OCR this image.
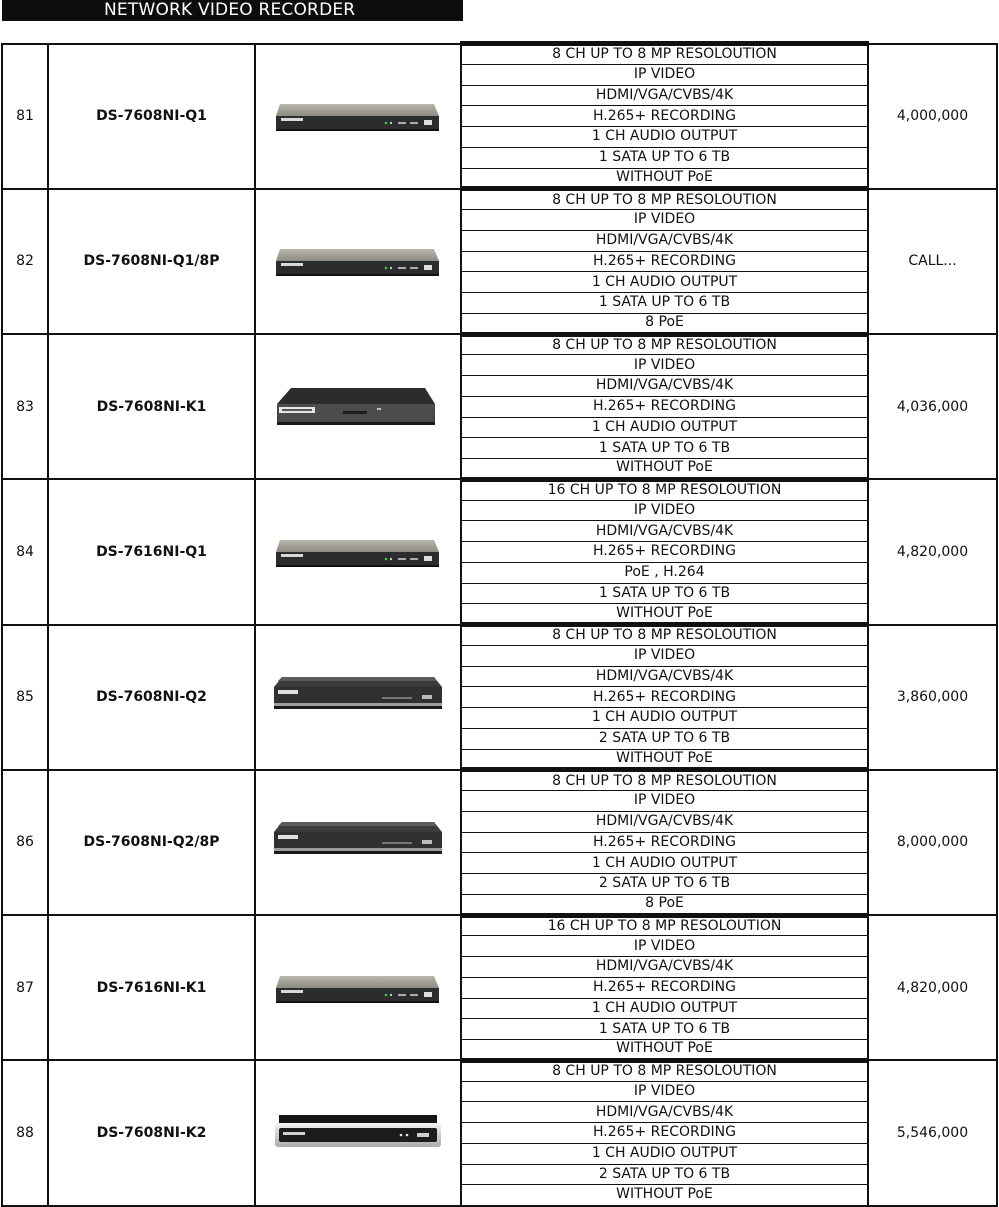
NETWORK VIDEO RECORDER
81	DS-7608NI-Q1		8 CH UP TO 8 MP RESOLOUTION	4,000,000
			IP VIDEO	
			HDMI/VGA/CVBS/4K	
			H.265+ RECORDING	
			1 CH AUDIO OUTPUT	
			1 SATA UP TO 6 TB	
			WITHOUT PoE	
82	DS-7608NI-Q1/8P		8 CH UP TO 8 MP RESOLOUTION	CALL...
			IP VIDEO	
			HDMI/VGA/CVBS/4K	
			H.265+ RECORDING	
			1 CH AUDIO OUTPUT	
			1 SATA UP TO 6 TB	
			8 PoE	
83	DS-7608NI-K1		8 CH UP TO 8 MP RESOLOUTION	4,036,000
			IP VIDEO	
			HDMI/VGA/CVBS/4K	
			H.265+ RECORDING	
			1 CH AUDIO OUTPUT	
			1 SATA UP TO 6 TB	
			WITHOUT PoE	
84	DS-7616NI-Q1		16 CH UP TO 8 MP RESOLOUTION	4,820,000
			IP VIDEO	
			HDMI/VGA/CVBS/4K	
			H.265+ RECORDING	
			PoE , H.264	
			1 SATA UP TO 6 TB	
			WITHOUT PoE	
85	DS-7608NI-Q2		8 CH UP TO 8 MP RESOLOUTION	3,860,000
			IP VIDEO	
			HDMI/VGA/CVBS/4K	
			H.265+ RECORDING	
			1 CH AUDIO OUTPUT	
			2 SATA UP TO 6 TB	
			WITHOUT PoE	
86	DS-7608NI-Q2/8P		8 CH UP TO 8 MP RESOLOUTION	8,000,000
			IP VIDEO	
			HDMI/VGA/CVBS/4K	
			H.265+ RECORDING	
			1 CH AUDIO OUTPUT	
			2 SATA UP TO 6 TB	
			8 PoE	
87	DS-7616NI-K1		16 CH UP TO 8 MP RESOLOUTION	4,820,000
			IP VIDEO	
			HDMI/VGA/CVBS/4K	
			H.265+ RECORDING	
			1 CH AUDIO OUTPUT	
			1 SATA UP TO 6 TB	
			WITHOUT PoE	
88	DS-7608NI-K2		8 CH UP TO 8 MP RESOLOUTION	5,546,000
			IP VIDEO	
			HDMI/VGA/CVBS/4K	
			H.265+ RECORDING	
			1 CH AUDIO OUTPUT	
			2 SATA UP TO 6 TB	
			WITHOUT PoE	
